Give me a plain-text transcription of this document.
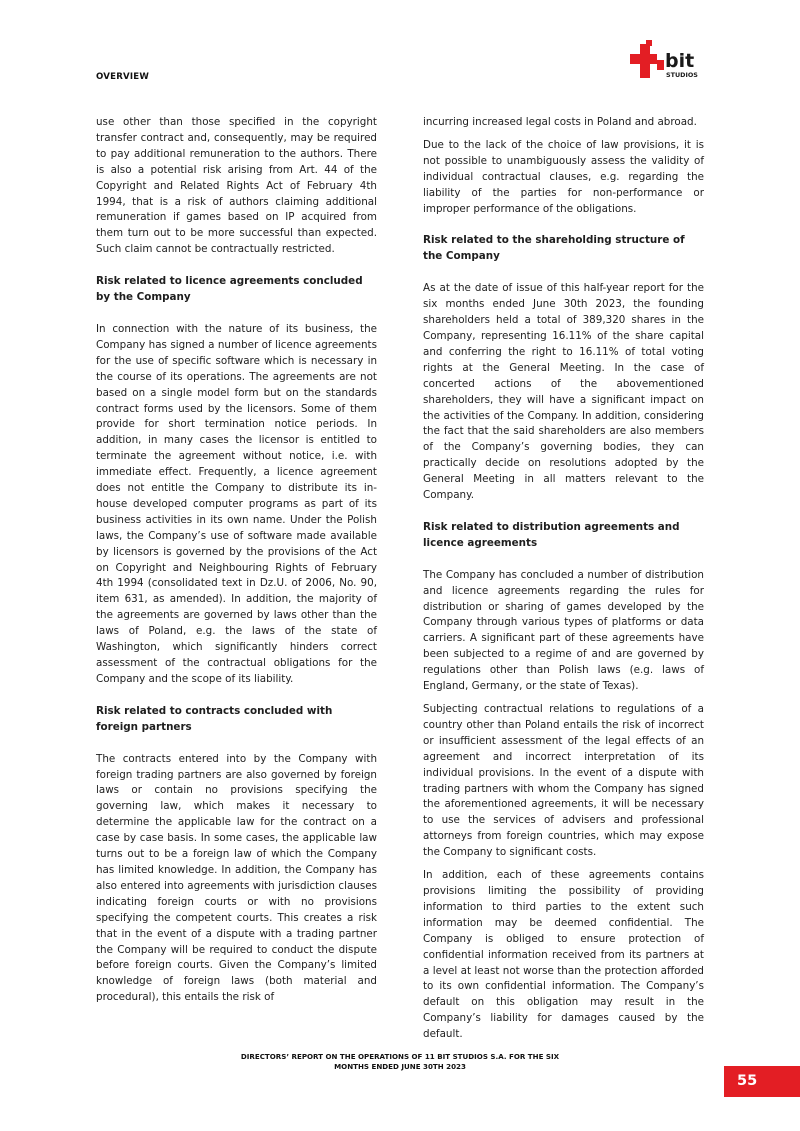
OVERVIEW
bit
STUDIOS

use other than those specified in the copyright transfer contract and, consequently, may be required to pay additional remuneration to the authors. There is also a potential risk arising from Art. 44 of the Copyright and Related Rights Act of February 4th 1994, that is a risk of authors claiming additional remuneration if games based on IP acquired from them turn out to be more successful than expected. Such claim cannot be contractually restricted.

Risk related to licence agreements concluded by the Company

In connection with the nature of its business, the Company has signed a number of licence agreements for the use of specific software which is necessary in the course of its operations. The agreements are not based on a single model form but on the standards contract forms used by the licensors. Some of them provide for short termination notice periods. In addition, in many cases the licensor is entitled to terminate the agreement without notice, i.e. with immediate effect. Frequently, a licence agreement does not entitle the Company to distribute its in-house developed computer programs as part of its business activities in its own name. Under the Polish laws, the Company’s use of software made available by licensors is governed by the provisions of the Act on Copyright and Neighbouring Rights of February 4th 1994 (consolidated text in Dz.U. of 2006, No. 90, item 631, as amended). In addition, the majority of the agreements are governed by laws other than the laws of Poland, e.g. the laws of the state of Washington, which significantly hinders correct assessment of the contractual obligations for the Company and the scope of its liability.

Risk related to contracts concluded with foreign partners

The contracts entered into by the Company with foreign trading partners are also governed by foreign laws or contain no provisions specifying the governing law, which makes it necessary to determine the applicable law for the contract on a case by case basis. In some cases, the applicable law turns out to be a foreign law of which the Company has limited knowledge. In addition, the Company has also entered into agreements with jurisdiction clauses indicating foreign courts or with no provisions specifying the competent courts. This creates a risk that in the event of a dispute with a trading partner the Company will be required to conduct the dispute before foreign courts. Given the Company’s limited knowledge of foreign laws (both material and procedural), this entails the risk of

incurring increased legal costs in Poland and abroad.

Due to the lack of the choice of law provisions, it is not possible to unambiguously assess the validity of individual contractual clauses, e.g. regarding the liability of the parties for non-performance or improper performance of the obligations.

Risk related to the shareholding structure of the Company

As at the date of issue of this half-year report for the six months ended June 30th 2023, the founding shareholders held a total of 389,320 shares in the Company, representing 16.11% of the share capital and conferring the right to 16.11% of total voting rights at the General Meeting. In the case of concerted actions of the abovementioned shareholders, they will have a significant impact on the activities of the Company. In addition, considering the fact that the said shareholders are also members of the Company’s governing bodies, they can practically decide on resolutions adopted by the General Meeting in all matters relevant to the Company.

Risk related to distribution agreements and licence agreements

The Company has concluded a number of distribution and licence agreements regarding the rules for distribution or sharing of games developed by the Company through various types of platforms or data carriers. A significant part of these agreements have been subjected to a regime of and are governed by regulations other than Polish laws (e.g. laws of England, Germany, or the state of Texas).

Subjecting contractual relations to regulations of a country other than Poland entails the risk of incorrect or insufficient assessment of the legal effects of an agreement and incorrect interpretation of its individual provisions. In the event of a dispute with trading partners with whom the Company has signed the aforementioned agreements, it will be necessary to use the services of advisers and professional attorneys from foreign countries, which may expose the Company to significant costs.

In addition, each of these agreements contains provisions limiting the possibility of providing information to third parties to the extent such information may be deemed confidential. The Company is obliged to ensure protection of confidential information received from its partners at a level at least not worse than the protection afforded to its own confidential information. The Company’s default on this obligation may result in the Company’s liability for damages caused by the default.

DIRECTORS’ REPORT ON THE OPERATIONS OF 11 BIT STUDIOS S.A. FOR THE SIX
MONTHS ENDED JUNE 30TH 2023
55
